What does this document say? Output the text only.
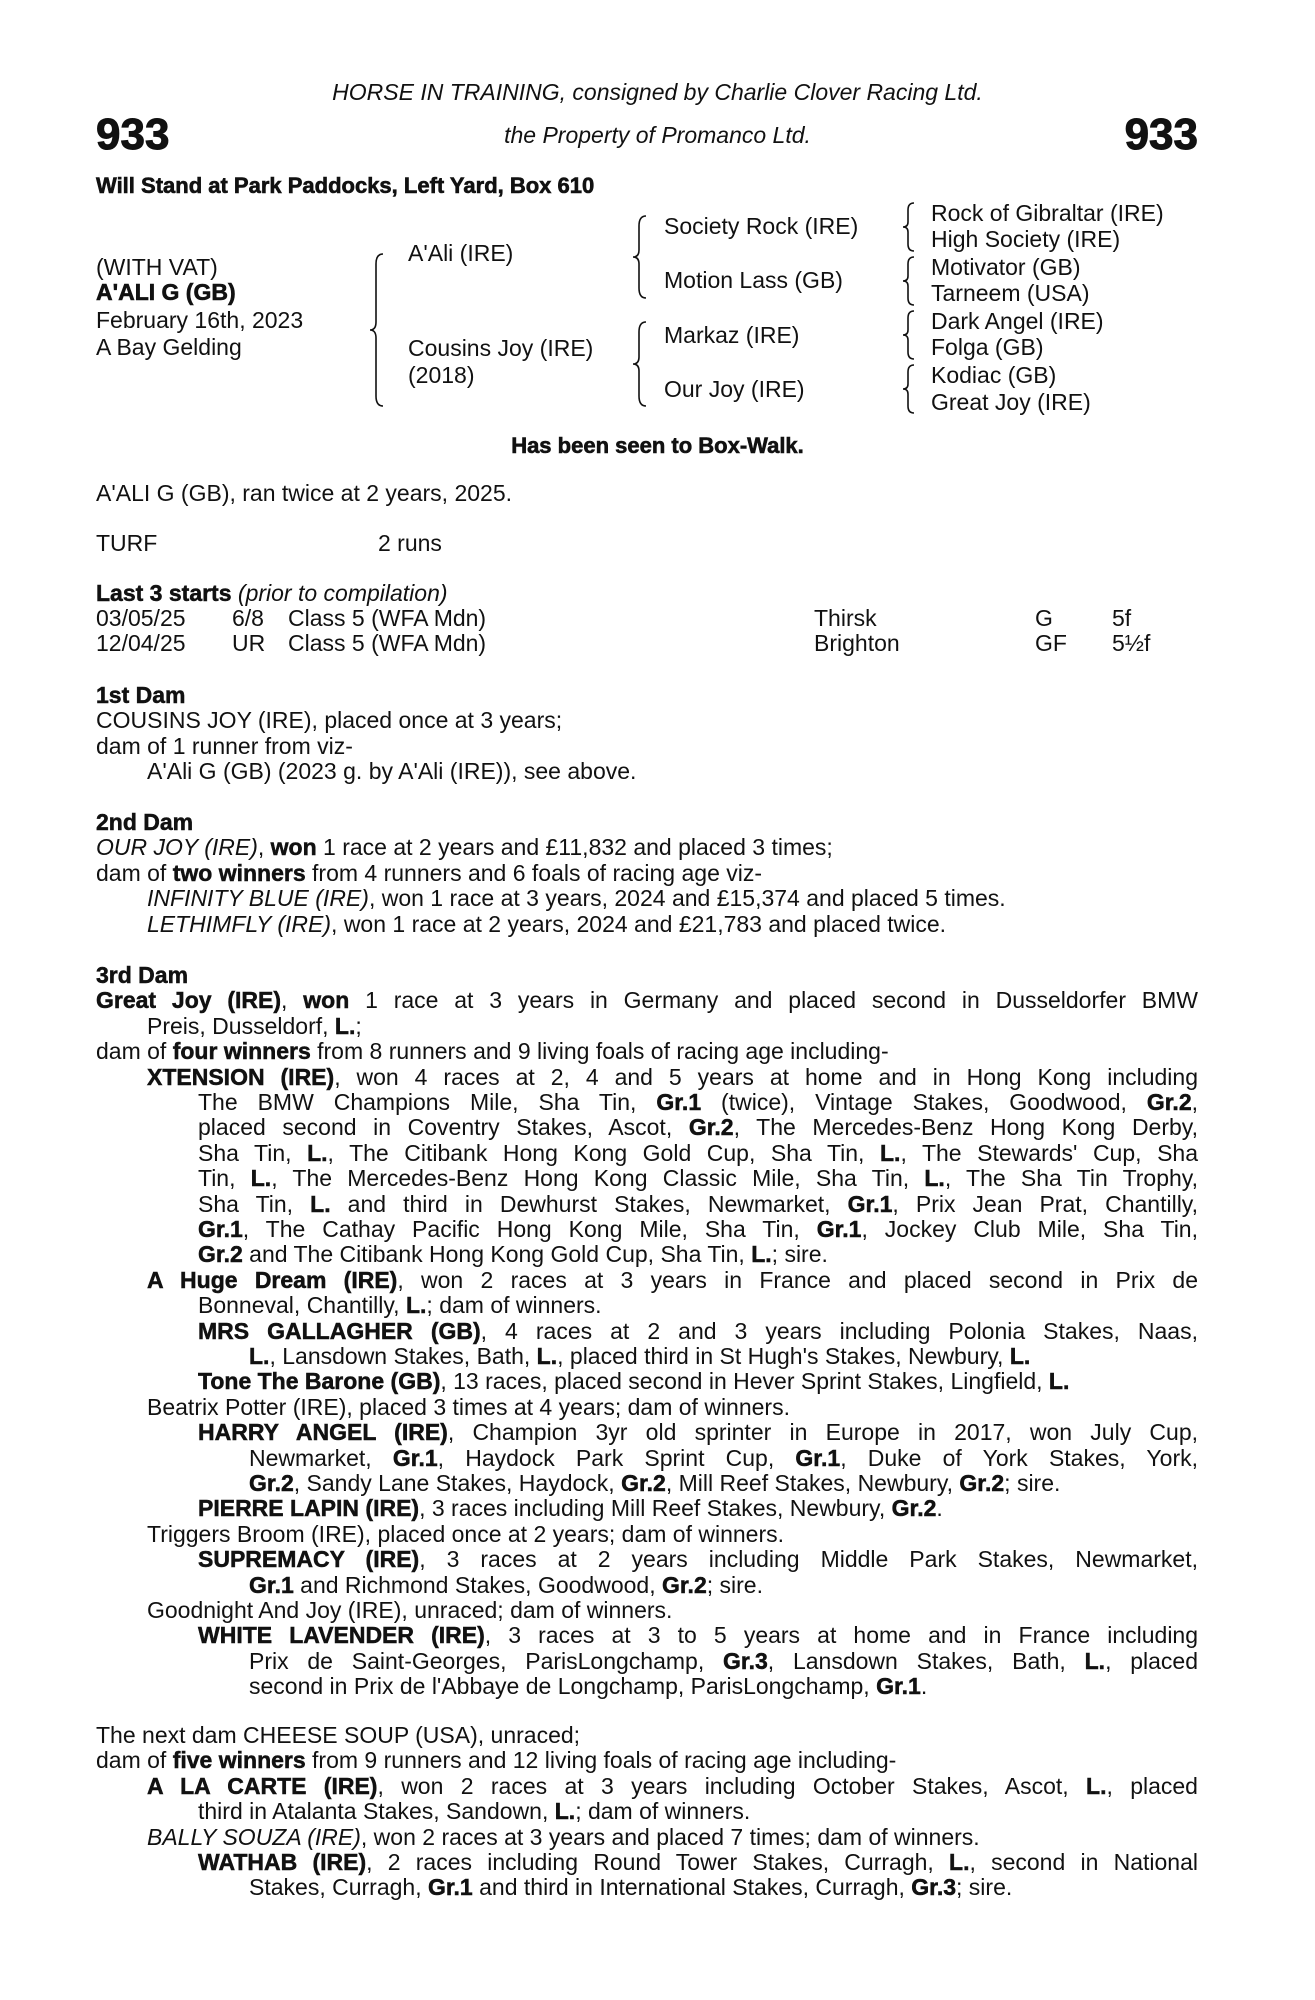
HORSE IN TRAINING, consigned by Charlie Clover Racing Ltd.
933	933
the Property of Promanco Ltd.
Will Stand at Park Paddocks, Left Yard, Box 610
(WITH VAT)
A'ALI G (GB)
February 16th, 2023
A Bay Gelding
A'Ali (IRE)
Cousins Joy (IRE)
(2018)
Society Rock (IRE)
Motion Lass (GB)
Markaz (IRE)
Our Joy (IRE)
Rock of Gibraltar (IRE)
High Society (IRE)
Motivator (GB)
Tarneem (USA)
Dark Angel (IRE)
Folga (GB)
Kodiac (GB)
Great Joy (IRE)
Has been seen to Box-Walk.
A'ALI G (GB), ran twice at 2 years, 2025.
TURF	2 runs
Last 3 starts (prior to compilation)
03/05/25 6/8 Class 5 (WFA Mdn)	Thirsk	G	5f
12/04/25 UR Class 5 (WFA Mdn)	Brighton	GF 5½f
1st Dam
COUSINS JOY (IRE), placed once at 3 years;
dam of 1 runner from viz-
A'Ali G (GB) (2023 g. by A'Ali (IRE)), see above.
2nd Dam
OUR JOY (IRE), won 1 race at 2 years and £11,832 and placed 3 times;
dam of two winners from 4 runners and 6 foals of racing age viz-
INFINITY BLUE (IRE), won 1 race at 3 years, 2024 and £15,374 and placed 5 times.
LETHIMFLY (IRE), won 1 race at 2 years, 2024 and £21,783 and placed twice.
3rd Dam
Great Joy (IRE), won 1 race at 3 years in Germany and placed second in Dusseldorfer BMW
Preis, Dusseldorf, L.;
dam of four winners from 8 runners and 9 living foals of racing age including-
XTENSION (IRE), won 4 races at 2, 4 and 5 years at home and in Hong Kong including
The BMW Champions Mile, Sha Tin, Gr.1 (twice), Vintage Stakes, Goodwood, Gr.2,
placed second in Coventry Stakes, Ascot, Gr.2, The Mercedes-Benz Hong Kong Derby,
Sha Tin, L., The Citibank Hong Kong Gold Cup, Sha Tin, L., The Stewards' Cup, Sha
Tin, L., The Mercedes-Benz Hong Kong Classic Mile, Sha Tin, L., The Sha Tin Trophy,
Sha Tin, L. and third in Dewhurst Stakes, Newmarket, Gr.1, Prix Jean Prat, Chantilly,
Gr.1, The Cathay Pacific Hong Kong Mile, Sha Tin, Gr.1, Jockey Club Mile, Sha Tin,
Gr.2 and The Citibank Hong Kong Gold Cup, Sha Tin, L.; sire.
A Huge Dream (IRE), won 2 races at 3 years in France and placed second in Prix de
Bonneval, Chantilly, L.; dam of winners.
MRS GALLAGHER (GB), 4 races at 2 and 3 years including Polonia Stakes, Naas,
L., Lansdown Stakes, Bath, L., placed third in St Hugh's Stakes, Newbury, L.
Tone The Barone (GB), 13 races, placed second in Hever Sprint Stakes, Lingfield, L.
Beatrix Potter (IRE), placed 3 times at 4 years; dam of winners.
HARRY ANGEL (IRE), Champion 3yr old sprinter in Europe in 2017, won July Cup,
Newmarket, Gr.1, Haydock Park Sprint Cup, Gr.1, Duke of York Stakes, York,
Gr.2, Sandy Lane Stakes, Haydock, Gr.2, Mill Reef Stakes, Newbury, Gr.2; sire.
PIERRE LAPIN (IRE), 3 races including Mill Reef Stakes, Newbury, Gr.2.
Triggers Broom (IRE), placed once at 2 years; dam of winners.
SUPREMACY (IRE), 3 races at 2 years including Middle Park Stakes, Newmarket,
Gr.1 and Richmond Stakes, Goodwood, Gr.2; sire.
Goodnight And Joy (IRE), unraced; dam of winners.
WHITE LAVENDER (IRE), 3 races at 3 to 5 years at home and in France including
Prix de Saint-Georges, ParisLongchamp, Gr.3, Lansdown Stakes, Bath, L., placed
second in Prix de l'Abbaye de Longchamp, ParisLongchamp, Gr.1.
The next dam CHEESE SOUP (USA), unraced;
dam of five winners from 9 runners and 12 living foals of racing age including-
A LA CARTE (IRE), won 2 races at 3 years including October Stakes, Ascot, L., placed
third in Atalanta Stakes, Sandown, L.; dam of winners.
BALLY SOUZA (IRE), won 2 races at 3 years and placed 7 times; dam of winners.
WATHAB (IRE), 2 races including Round Tower Stakes, Curragh, L., second in National
Stakes, Curragh, Gr.1 and third in International Stakes, Curragh, Gr.3; sire.
